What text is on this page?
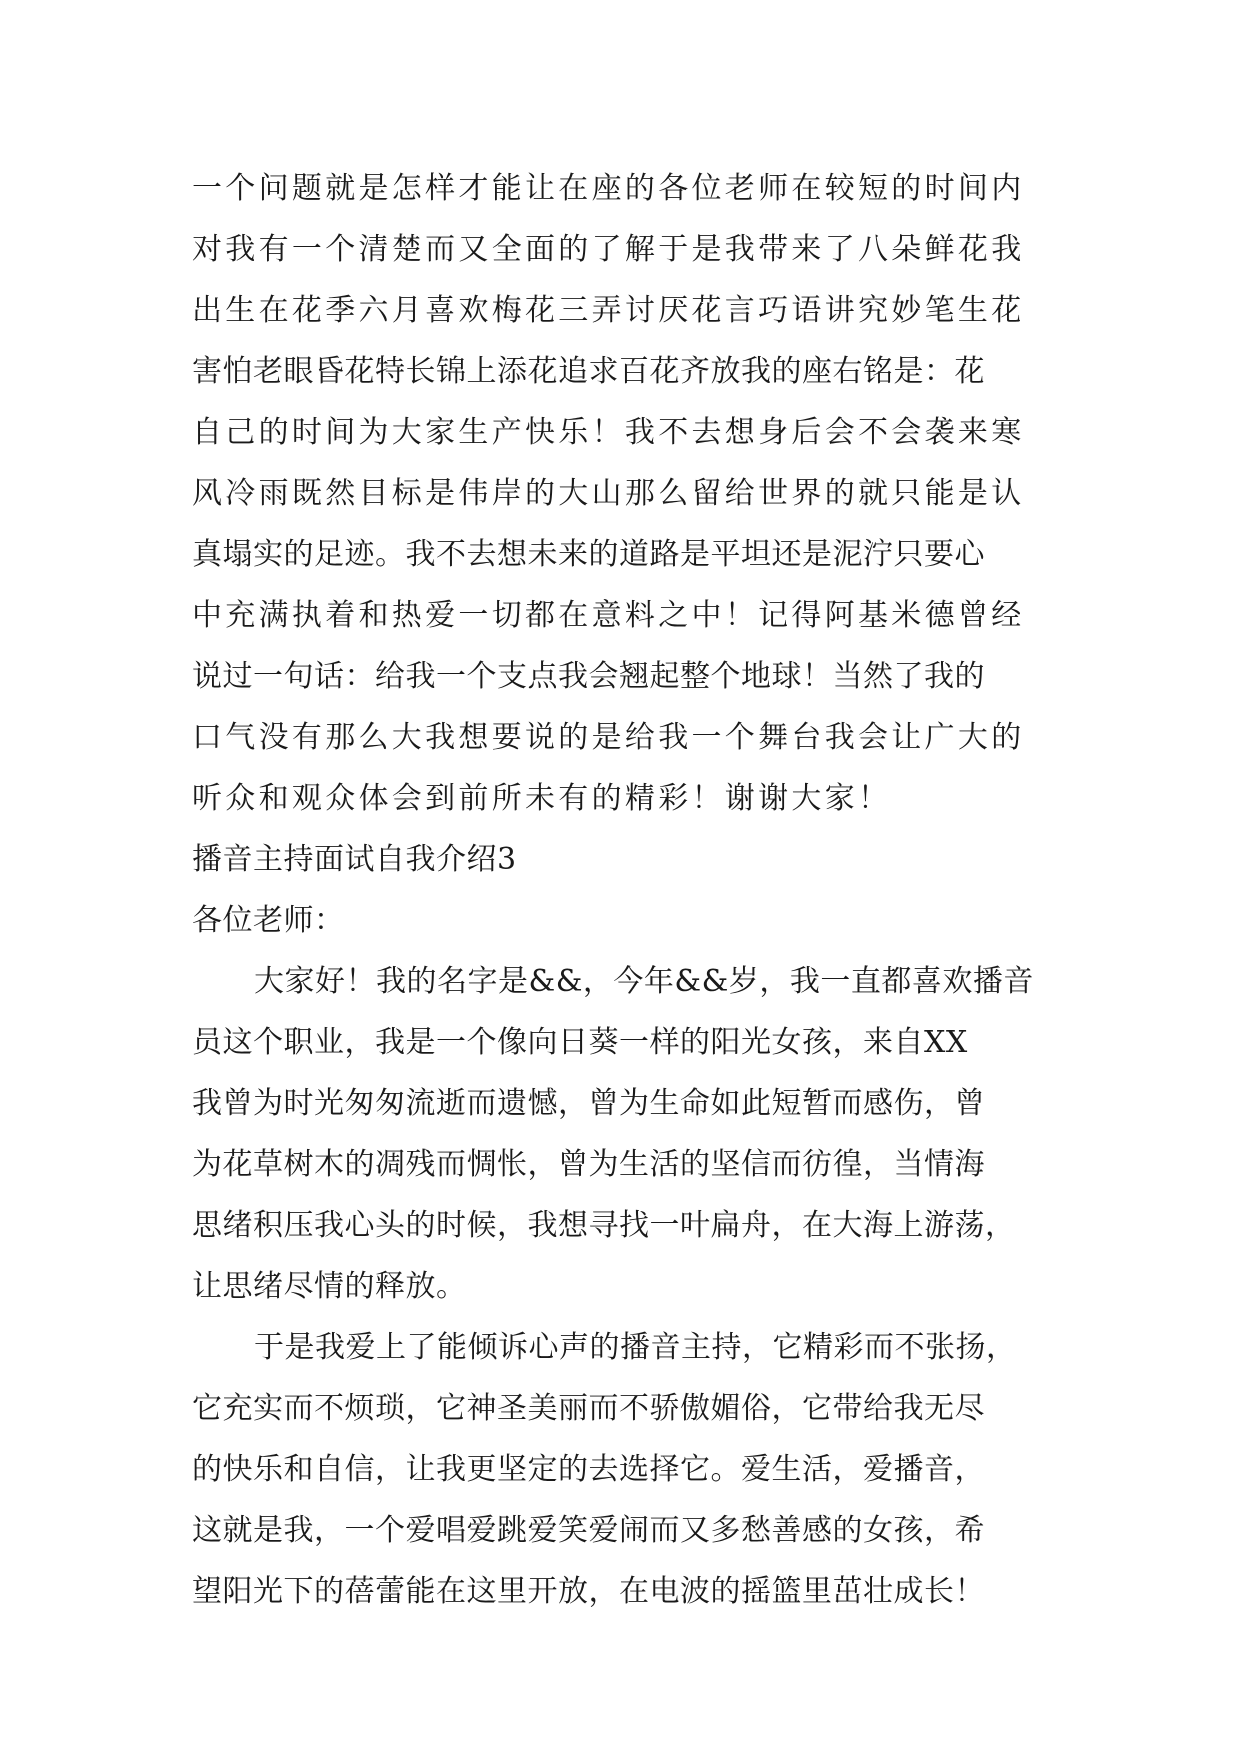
一个问题就是怎样才能让在座的各位老师在较短的时间内
对我有一个清楚而又全面的了解于是我带来了八朵鲜花我
出生在花季六月喜欢梅花三弄讨厌花言巧语讲究妙笔生花
害怕老眼昏花特长锦上添花追求百花齐放我的座右铭是：花
自己的时间为大家生产快乐！我不去想身后会不会袭来寒
风冷雨既然目标是伟岸的大山那么留给世界的就只能是认
真塌实的足迹。我不去想未来的道路是平坦还是泥泞只要心
中充满执着和热爱一切都在意料之中！记得阿基米德曾经
说过一句话：给我一个支点我会翘起整个地球！当然了我的
口气没有那么大我想要说的是给我一个舞台我会让广大的
听众和观众体会到前所未有的精彩！谢谢大家！
播音主持面试自我介绍3
各位老师：
大家好！我的名字是&&，今年&&岁，我一直都喜欢播音
员这个职业，我是一个像向日葵一样的阳光女孩，来自XX
我曾为时光匆匆流逝而遗憾，曾为生命如此短暂而感伤，曾
为花草树木的凋残而惆怅，曾为生活的坚信而彷徨，当情海
思绪积压我心头的时候，我想寻找一叶扁舟，在大海上游荡，
让思绪尽情的释放。
于是我爱上了能倾诉心声的播音主持，它精彩而不张扬，
它充实而不烦琐，它神圣美丽而不骄傲媚俗，它带给我无尽
的快乐和自信，让我更坚定的去选择它。爱生活，爱播音，
这就是我，一个爱唱爱跳爱笑爱闹而又多愁善感的女孩，希
望阳光下的蓓蕾能在这里开放，在电波的摇篮里茁壮成长！
